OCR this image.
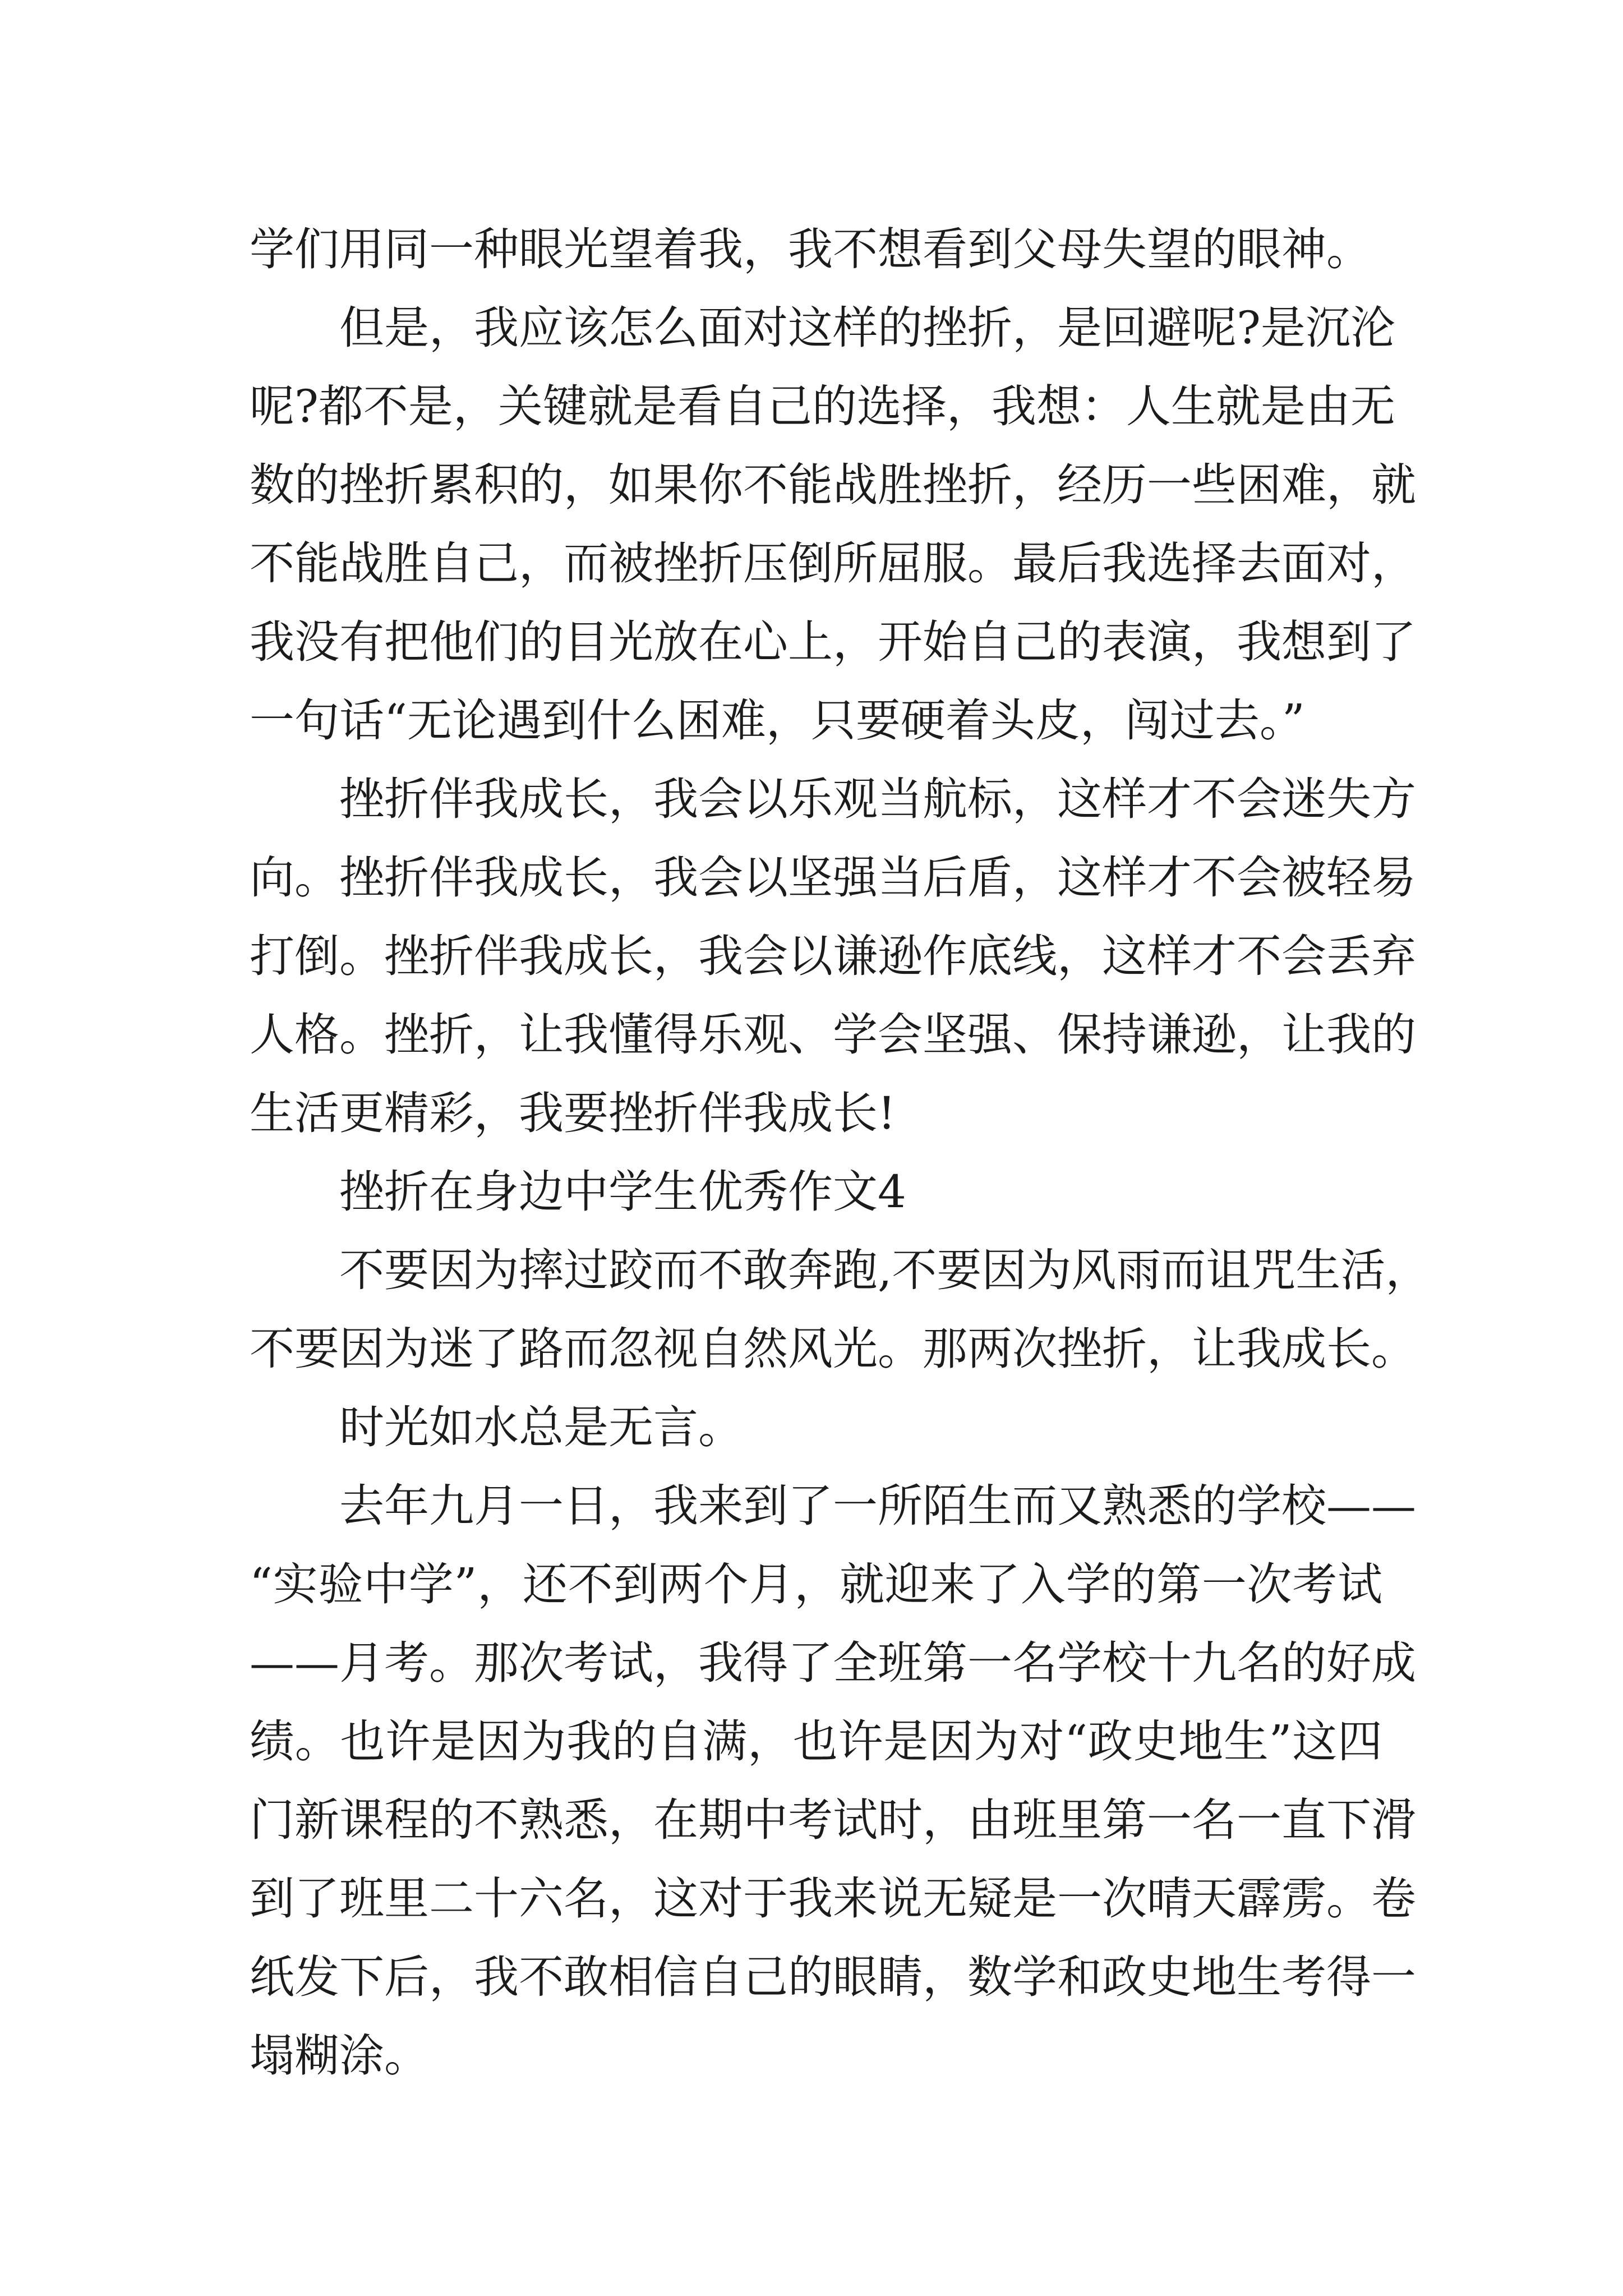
学们用同一种眼光望着我，我不想看到父母失望的眼神。
但是，我应该怎么面对这样的挫折，是回避呢?是沉沦
呢?都不是，关键就是看自己的选择，我想：人生就是由无
数的挫折累积的，如果你不能战胜挫折，经历一些困难，就
不能战胜自己，而被挫折压倒所屈服。最后我选择去面对，
我没有把他们的目光放在心上，开始自己的表演，我想到了
一句话“无论遇到什么困难，只要硬着头皮，闯过去。”
挫折伴我成长，我会以乐观当航标，这样才不会迷失方
向。挫折伴我成长，我会以坚强当后盾，这样才不会被轻易
打倒。挫折伴我成长，我会以谦逊作底线，这样才不会丢弃
人格。挫折，让我懂得乐观、学会坚强、保持谦逊，让我的
生活更精彩，我要挫折伴我成长!
挫折在身边中学生优秀作文4
不要因为摔过跤而不敢奔跑,不要因为风雨而诅咒生活，
不要因为迷了路而忽视自然风光。那两次挫折，让我成长。
时光如水总是无言。
去年九月一日，我来到了一所陌生而又熟悉的学校——
“实验中学”，还不到两个月，就迎来了入学的第一次考试
——月考。那次考试，我得了全班第一名学校十九名的好成
绩。也许是因为我的自满，也许是因为对“政史地生”这四
门新课程的不熟悉，在期中考试时，由班里第一名一直下滑
到了班里二十六名，这对于我来说无疑是一次晴天霹雳。卷
纸发下后，我不敢相信自己的眼睛，数学和政史地生考得一
塌糊涂。
